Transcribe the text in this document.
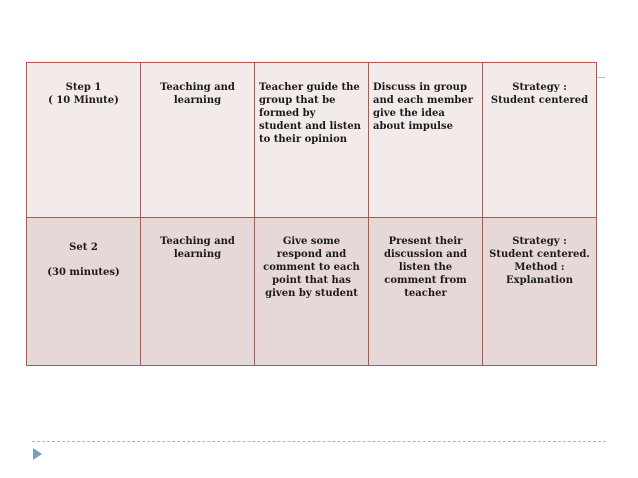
Step 1
( 10 Minute)	Teaching and
learning	Teacher guide the
group that be
formed by
student and listen
to their opinion	Discuss in group
and each member
give the idea
about impulse	Strategy :
Student centered

Set 2
(30 minutes)	Teaching and
learning	Give some
respond and
comment to each
point that has
given by student	Present their
discussion and
listen the
comment from
teacher	Strategy :
Student centered.
Method :
Explanation
